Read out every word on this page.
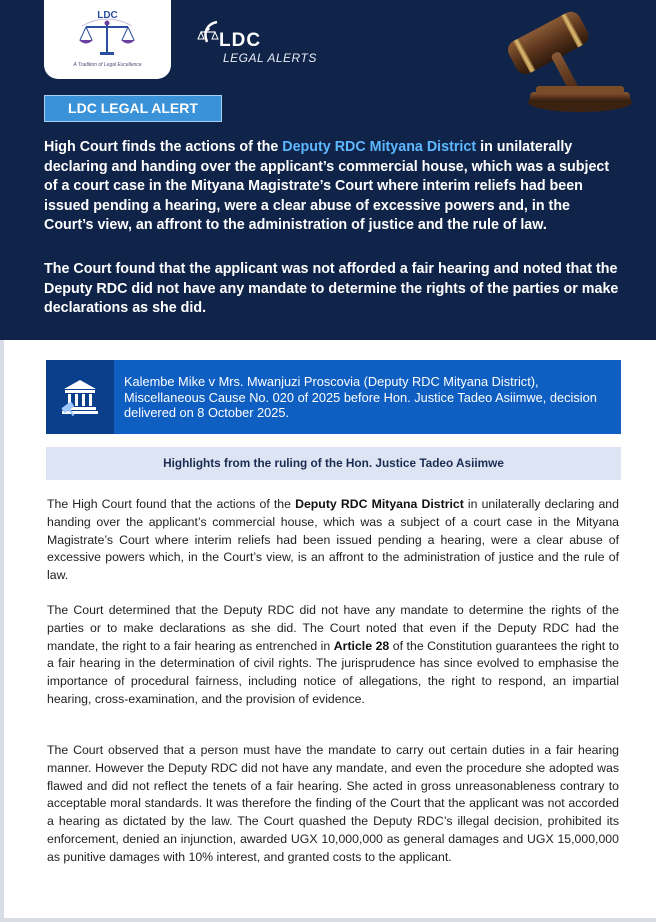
LDC
A Tradition of Legal Excellence
LDC
LEGAL ALERTS
LDC LEGAL ALERT

High Court finds the actions of the Deputy RDC Mityana District in unilaterally declaring and handing over the applicant’s commercial house, which was a subject of a court case in the Mityana Magistrate’s Court where interim reliefs had been issued pending a hearing, were a clear abuse of excessive powers and, in the Court’s view, an affront to the administration of justice and the rule of law.

The Court found that the applicant was not afforded a fair hearing and noted that the Deputy RDC did not have any mandate to determine the rights of the parties or make declarations as she did.

Kalembe Mike v Mrs. Mwanjuzi Proscovia (Deputy RDC Mityana District), Miscellaneous Cause No. 020 of 2025 before Hon. Justice Tadeo Asiimwe, decision delivered on 8 October 2025.

Highlights from the ruling of the Hon. Justice Tadeo Asiimwe

The High Court found that the actions of the Deputy RDC Mityana District in unilaterally declaring and handing over the applicant’s commercial house, which was a subject of a court case in the Mityana Magistrate’s Court where interim reliefs had been issued pending a hearing, were a clear abuse of excessive powers which, in the Court’s view, is an affront to the administration of justice and the rule of law.

The Court determined that the Deputy RDC did not have any mandate to determine the rights of the parties or to make declarations as she did. The Court noted that even if the Deputy RDC had the mandate, the right to a fair hearing as entrenched in Article 28 of the Constitution guarantees the right to a fair hearing in the determination of civil rights. The jurisprudence has since evolved to emphasise the importance of procedural fairness, including notice of allegations, the right to respond, an impartial hearing, cross-examination, and the provision of evidence.

The Court observed that a person must have the mandate to carry out certain duties in a fair hearing manner. However the Deputy RDC did not have any mandate, and even the procedure she adopted was flawed and did not reflect the tenets of a fair hearing. She acted in gross unreasonableness contrary to acceptable moral standards. It was therefore the finding of the Court that the applicant was not accorded a hearing as dictated by the law. The Court quashed the Deputy RDC’s illegal decision, prohibited its enforcement, denied an injunction, awarded UGX 10,000,000 as general damages and UGX 15,000,000 as punitive damages with 10% interest, and granted costs to the applicant.
